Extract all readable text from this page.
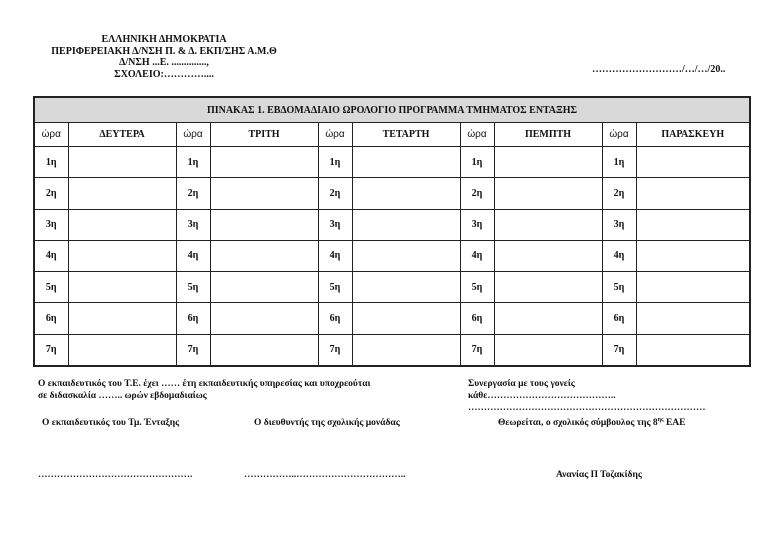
ΕΛΛΗΝΙΚΗ ΔΗΜΟΚΡΑΤΙΑ
ΠΕΡΙΦΕΡΕΙΑΚΗ Δ/ΝΣΗ Π. & Δ. ΕΚΠ/ΣΗΣ Α.Μ.Θ
Δ/ΝΣΗ ...Ε. ..............,
ΣΧΟΛΕΙΟ:…………....	………………………/…/…/20..
ΠΙΝΑΚΑΣ 1. ΕΒΔΟΜΑΔΙΑΙΟ ΩΡΟΛΟΓΙΟ ΠΡΟΓΡΑΜΜΑ ΤΜΗΜΑΤΟΣ ΕΝΤΑΞΗΣ									
ώρα	ΔΕΥΤΕΡΑ	ώρα	ΤΡΙΤΗ	ώρα	ΤΕΤΑΡΤΗ	ώρα	ΠΕΜΠΤΗ	ώρα	ΠΑΡΑΣΚΕΥΗ
1η		1η		1η		1η		1η	
2η		2η		2η		2η		2η	
3η		3η		3η		3η		3η	
4η		4η		4η		4η		4η	
5η		5η		5η		5η		5η	
6η		6η		6η		6η		6η	
7η		7η		7η		7η		7η	
Ο εκπαιδευτικός του Τ.Ε. έχει …… έτη εκπαιδευτικής υπηρεσίας και υποχρεούται
σε διδασκαλία …….. ωρών εβδομαδιαίως
Συνεργασία με τους γονείς
κάθε…………………………………..
…………………………………………………………………
Ο εκπαιδευτικός του Τμ. Ένταξης	Ο διευθυντής της σχολικής μονάδας	Θεωρείται, ο σχολικός σύμβουλος της $8^{\eta\varsigma}$ ΕΑΕ
………………………………………….	……………..……………………………..	Ανανίας Π Τοζακίδης
